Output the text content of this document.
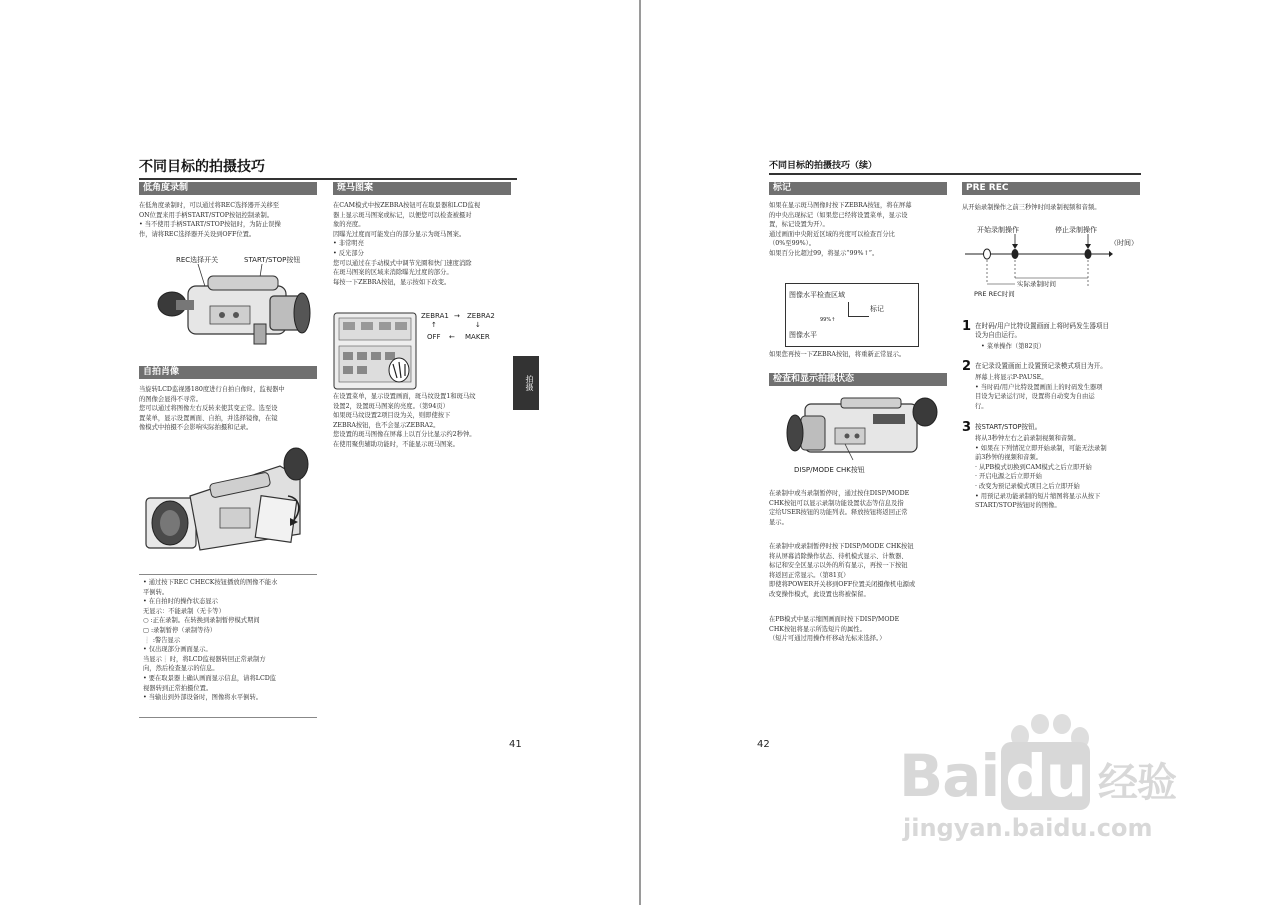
不同目标的拍摄技巧
低角度录制
在低角度录制时，可以通过将REC选择器开关移至
ON位置来用手柄START/STOP按钮控制录制。
• 当不使用手柄START/STOP按钮时，为防止误操
作，请将REC选择器开关设到OFF位置。
REC选择开关	START/STOP按钮
自拍肖像
当旋转LCD监视器180度进行自拍自像时，监视器中
的图像会显得不寻常。
您可以通过将图像左右反转来使其变正常。选至设
置菜单，显示设置画面、自拍，并选择镜像，在镜
像模式中拍摄不会影响实际拍摄和记录。
• 通过按下REC CHECK按钮播放的图像不能水
平倒转。
• 在自拍时的操作状态显示
无显示：不能录制（无卡等）
○ :正在录制。在转换到录制暂停模式期间
▢ :录制暂停（录制等待）
❕ :警告显示
• 仅出现部分画面显示。
当显示❕时，将LCD监视器转回正常录制方
向，然后检查显示的信息。
• 要在取景器上确认画面显示信息，请将LCD监
视器转到正常拍摄位置。
• 当输出到外部设备时，图像将水平倒转。
斑马图案
在CAM模式中按ZEBRA按钮可在取景器和LCD监视
器上显示斑马图案或标记，以便您可以检查被摄对
象的亮度。
因曝光过度而可能发白的部分显示为斑马图案。
• 非常明亮
• 反光部分
您可以通过在手动模式中调节光圈和快门速度消除
在斑马图案的区域来消除曝光过度的部分。
每按一下ZEBRA按钮，显示按如下改变。
ZEBRA1 → ZEBRA2
↑	↓
OFF ← MAKER
在设置菜单，显示设置画面，斑马纹设置1和斑马纹
设置2，设置斑马图案的亮度。（第94页）
如果斑马纹设置2项目设为关，则即使按下
ZEBRA按钮，也不会显示ZEBRA2。
您设置的斑马图像在屏幕上以百分比显示约2秒钟。
在使用聚焦辅助功能时，不能显示斑马图案。
拍摄
41
不同目标的拍摄技巧（续）
标记
如果在显示斑马图像时按下ZEBRA按钮，将在屏幕
的中央出现标记（如果您已经将设置菜单，显示设
置，标记设置为开）。
通过画面中央附近区域的亮度可以检查百分比
（0%至99%）。
如果百分比超过99，将显示“99%↑”。
图像水平检查区域
标记
99%↑
图像水平
如果您再按一下ZEBRA按钮，将重新正常显示。
检查和显示拍摄状态
DISP/MODE CHK按钮
在录制中或当录制暂停时，通过按住DISP/MODE
CHK按钮可以显示录制功能设置状态等信息及指
定给USER按钮的功能列表。释放按钮将返回正常
显示。
在录制中或录制暂停时按下DISP/MODE CHK按钮
将从屏幕消除操作状态、待机模式显示、计数器、
标记和安全区显示以外的所有显示，再按一下按钮
将返回正常显示。（第81页）
即使将POWER开关移到OFF位置关闭摄像机电源或
改变操作模式，此设置也将被保留。
在PB模式中显示缩图画面时按下DISP/MODE
CHK按钮将显示所选短片的属性。
（短片可通过用操作杆移动光标来选择。）
PRE REC
从开始录制操作之前三秒钟时间录制视频和音频。
开始录制操作	停止录制操作
（时间）
实际录制时间
PRE REC时间
1 在时码/用户比特设置画面上将时码发生器项目
设为自由运行。
• 菜单操作（第82页）
2 在记录设置画面上设置预记录模式项目为开。
屏幕上将显示P-PAUSE。
• 当时码/用户比特设置画面上的时码发生器项
目设为记录运行时，设置将自动变为自由运
行。
3 按START/STOP按钮。
将从3秒钟左右之前录制视频和音频。
• 如果在下列情况立即开始录制，可能无法录制
前3秒钟的视频和音频。
· 从PB模式切换到CAM模式之后立即开始
· 开启电源之后立即开始
· 改变为预记录模式项目之后立即开始
• 用预记录功能录制的短片缩图将显示从按下
START/STOP按钮时的图像。
42 Bai du 经验
jingyan.baidu.com
